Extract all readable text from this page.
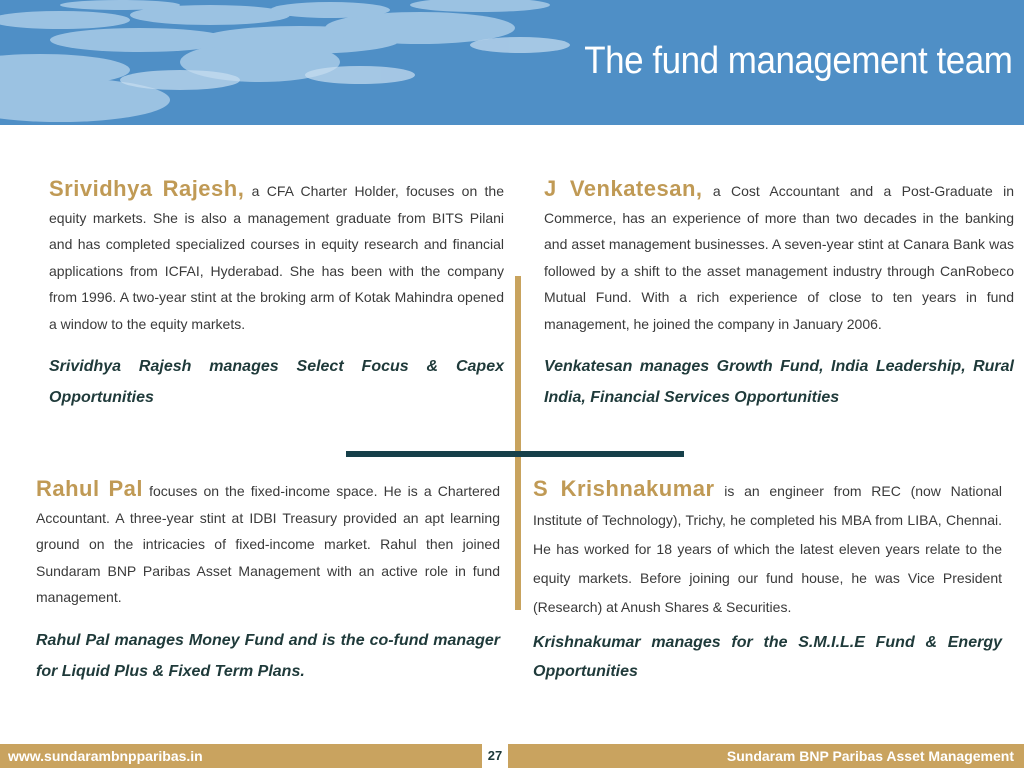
The fund management team
Srividhya Rajesh, a CFA Charter Holder, focuses on the equity markets. She is also a management graduate from BITS Pilani and has completed specialized courses in equity research and financial applications from ICFAI, Hyderabad. She has been with the company from 1996. A two-year stint at the broking arm of Kotak Mahindra opened a window to the equity markets.
Srividhya Rajesh manages Select Focus & Capex Opportunities
J Venkatesan, a Cost Accountant and a Post-Graduate in Commerce, has an experience of more than two decades in the banking and asset management businesses. A seven-year stint at Canara Bank was followed by a shift to the asset management industry through CanRobeco Mutual Fund. With a rich experience of close to ten years in fund management, he joined the company in January 2006.
Venkatesan manages Growth Fund, India Leadership, Rural India, Financial Services Opportunities
Rahul Pal focuses on the fixed-income space. He is a Chartered Accountant. A three-year stint at IDBI Treasury provided an apt learning ground on the intricacies of fixed-income market. Rahul then joined Sundaram BNP Paribas Asset Management with an active role in fund management.
Rahul Pal manages Money Fund and is the co-fund manager for Liquid Plus & Fixed Term Plans.
S Krishnakumar is an engineer from REC (now National Institute of Technology), Trichy, he completed his MBA from LIBA, Chennai. He has worked for 18 years of which the latest eleven years relate to the equity markets. Before joining our fund house, he was Vice President (Research) at Anush Shares & Securities.
Krishnakumar manages for the S.M.I.L.E Fund & Energy Opportunities
www.sundarambnpparibas.in	27	Sundaram BNP Paribas Asset Management
